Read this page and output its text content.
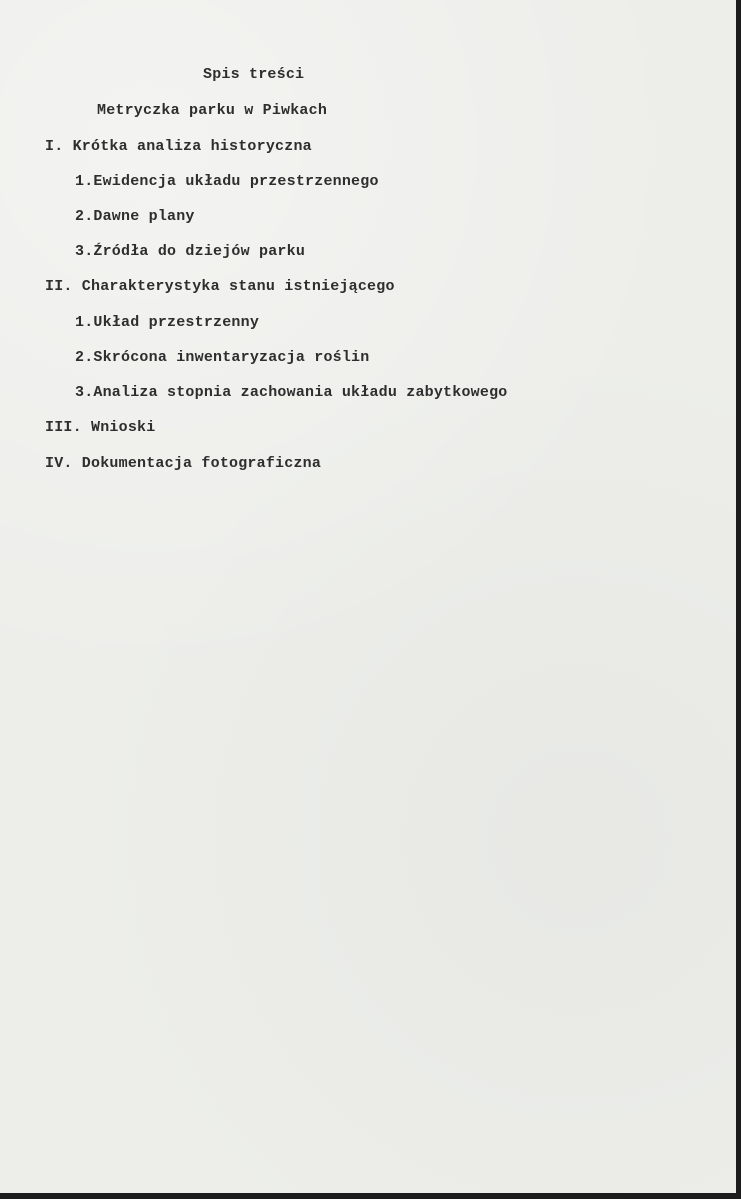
Spis treści
Metryczka parku w Piwkach
I. Krótka analiza historyczna
1.Ewidencja układu przestrzennego
2.Dawne plany
3.Źródła do dziejów parku
II. Charakterystyka stanu istniejącego
1.Układ przestrzenny
2.Skrócona inwentaryzacja roślin
3.Analiza stopnia zachowania układu zabytkowego
III. Wnioski
IV. Dokumentacja fotograficzna
